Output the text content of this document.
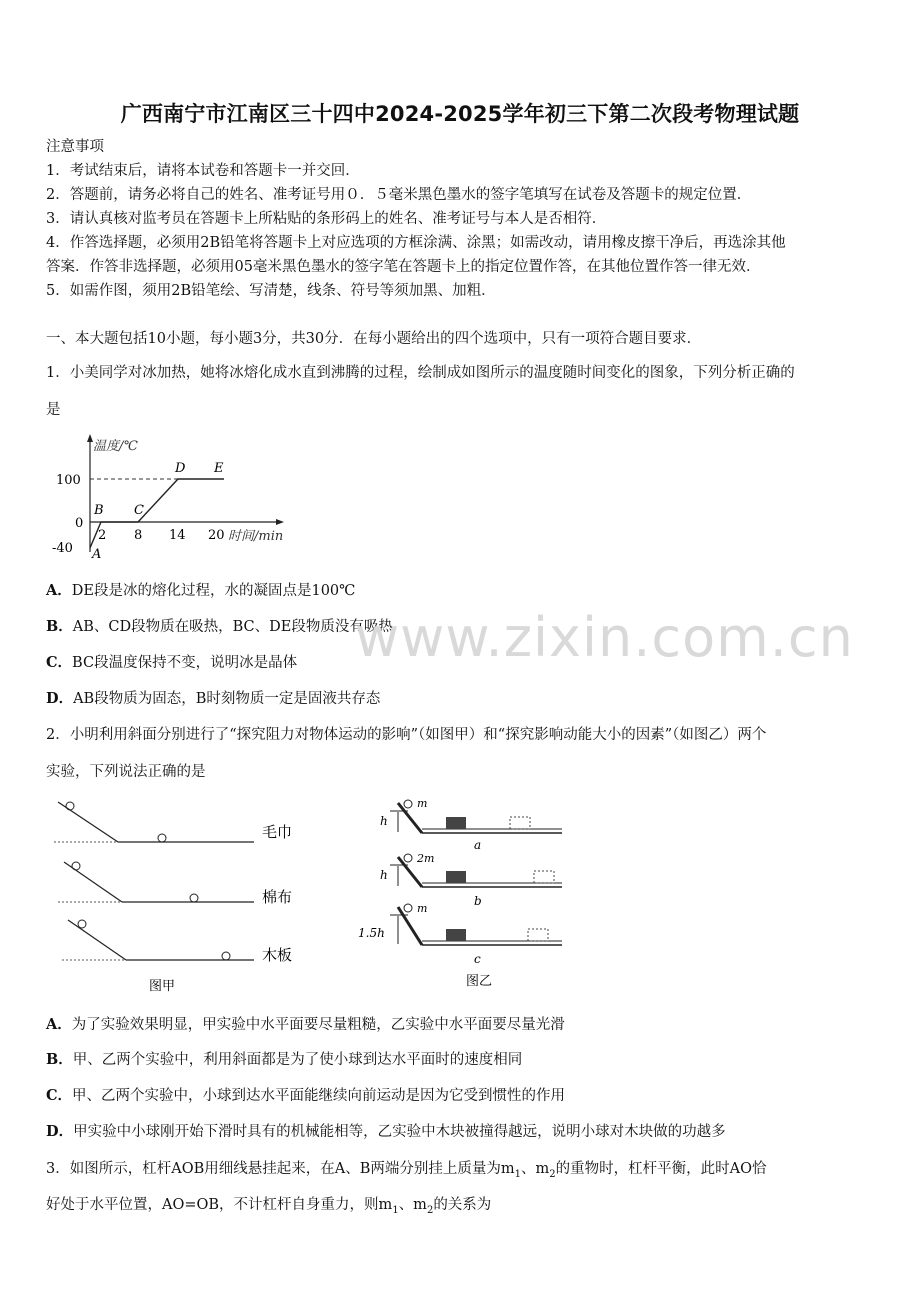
广西南宁市江南区三十四中2024-2025学年初三下第二次段考物理试题
注意事项
1．考试结束后，请将本试卷和答题卡一并交回．
2．答题前，请务必将自己的姓名、准考证号用０．５毫米黑色墨水的签字笔填写在试卷及答题卡的规定位置．
3．请认真核对监考员在答题卡上所粘贴的条形码上的姓名、准考证号与本人是否相符．
4．作答选择题，必须用2B铅笔将答题卡上对应选项的方框涂满、涂黑；如需改动，请用橡皮擦干净后，再选涂其他
答案．作答非选择题，必须用05毫米黑色墨水的签字笔在答题卡上的指定位置作答，在其他位置作答一律无效．
5．如需作图，须用2B铅笔绘、写清楚，线条、符号等须加黑、加粗．
一、本大题包括10小题，每小题3分，共30分．在每小题给出的四个选项中，只有一项符合题目要求．
1．小美同学对冰加热，她将冰熔化成水直到沸腾的过程，绘制成如图所示的温度随时间变化的图象，下列分析正确的
是
温度/℃
时间/min
100
0
-40
2 8 14 20
A
B C
D E
A．DE段是冰的熔化过程，水的凝固点是100℃
B．AB、CD段物质在吸热，BC、DE段物质没有吸热
C．BC段温度保持不变，说明冰是晶体
D．AB段物质为固态，B时刻物质一定是固液共存态
www.zixin.com.cn
2．小明利用斜面分别进行了“探究阻力对物体运动的影响”（如图甲）和“探究影响动能大小的因素”（如图乙）两个
实验，下列说法正确的是
毛巾
棉布
木板
图甲
m
h
a
2m
h
b
m
1.5h
c
图乙
A．为了实验效果明显，甲实验中水平面要尽量粗糙，乙实验中水平面要尽量光滑
B．甲、乙两个实验中，利用斜面都是为了使小球到达水平面时的速度相同
C．甲、乙两个实验中，小球到达水平面能继续向前运动是因为它受到惯性的作用
D．甲实验中小球刚开始下滑时具有的机械能相等，乙实验中木块被撞得越远，说明小球对木块做的功越多
3．如图所示，杠杆AOB用细线悬挂起来，在A、B两端分别挂上质量为$m_1$、$m_2$的重物时，杠杆平衡，此时AO恰
好处于水平位置，AO=OB，不计杠杆自身重力，则$m_1$、$m_2$的关系为
